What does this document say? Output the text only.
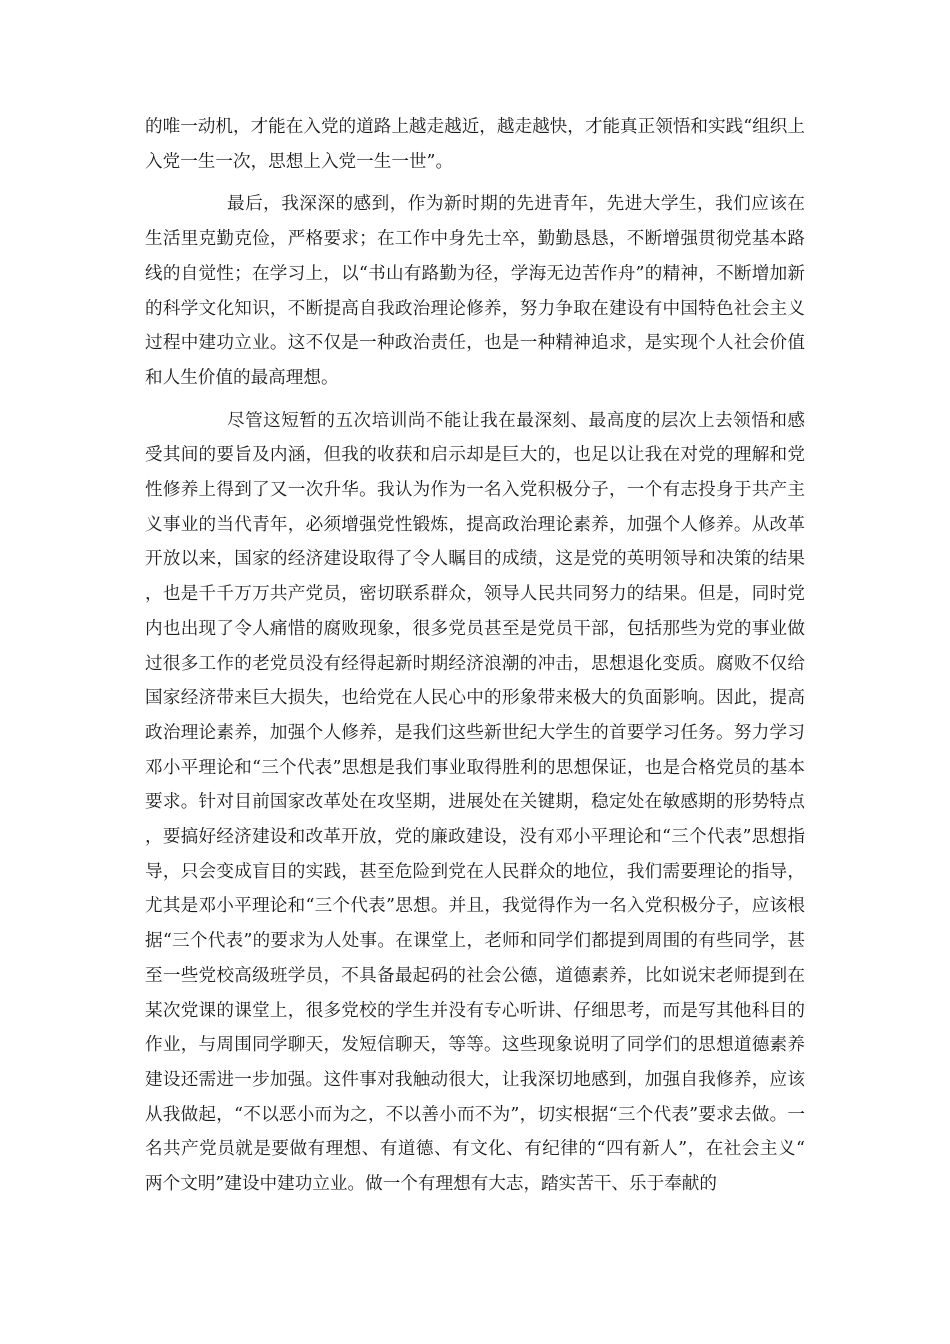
的唯一动机，才能在入党的道路上越走越近，越走越快，才能真正领悟和实践“组织上入党一生一次，思想上入党一生一世”。

最后，我深深的感到，作为新时期的先进青年，先进大学生，我们应该在生活里克勤克俭，严格要求；在工作中身先士卒，勤勤恳恳，不断增强贯彻党基本路线的自觉性；在学习上，以“书山有路勤为径，学海无边苦作舟”的精神，不断增加新的科学文化知识，不断提高自我政治理论修养，努力争取在建设有中国特色社会主义过程中建功立业。这不仅是一种政治责任，也是一种精神追求，是实现个人社会价值和人生价值的最高理想。

尽管这短暂的五次培训尚不能让我在最深刻、最高度的层次上去领悟和感受其间的要旨及内涵，但我的收获和启示却是巨大的，也足以让我在对党的理解和党性修养上得到了又一次升华。我认为作为一名入党积极分子，一个有志投身于共产主义事业的当代青年，必须增强党性锻炼，提高政治理论素养，加强个人修养。从改革开放以来，国家的经济建设取得了令人瞩目的成绩，这是党的英明领导和决策的结果，也是千千万万共产党员，密切联系群众，领导人民共同努力的结果。但是，同时党内也出现了令人痛惜的腐败现象，很多党员甚至是党员干部，包括那些为党的事业做过很多工作的老党员没有经得起新时期经济浪潮的冲击，思想退化变质。腐败不仅给国家经济带来巨大损失，也给党在人民心中的形象带来极大的负面影响。因此，提高政治理论素养，加强个人修养，是我们这些新世纪大学生的首要学习任务。努力学习邓小平理论和“三个代表”思想是我们事业取得胜利的思想保证，也是合格党员的基本要求。针对目前国家改革处在攻坚期，进展处在关键期，稳定处在敏感期的形势特点，要搞好经济建设和改革开放，党的廉政建设，没有邓小平理论和“三个代表”思想指导，只会变成盲目的实践，甚至危险到党在人民群众的地位，我们需要理论的指导，尤其是邓小平理论和“三个代表”思想。并且，我觉得作为一名入党积极分子，应该根据“三个代表”的要求为人处事。在课堂上，老师和同学们都提到周围的有些同学，甚至一些党校高级班学员，不具备最起码的社会公德，道德素养，比如说宋老师提到在某次党课的课堂上，很多党校的学生并没有专心听讲、仔细思考，而是写其他科目的作业，与周围同学聊天，发短信聊天，等等。这些现象说明了同学们的思想道德素养建设还需进一步加强。这件事对我触动很大，让我深切地感到，加强自我修养，应该从我做起，“不以恶小而为之，不以善小而不为”，切实根据“三个代表”要求去做。一名共产党员就是要做有理想、有道德、有文化、有纪律的“四有新人”，在社会主义“两个文明”建设中建功立业。做一个有理想有大志，踏实苦干、乐于奉献的
